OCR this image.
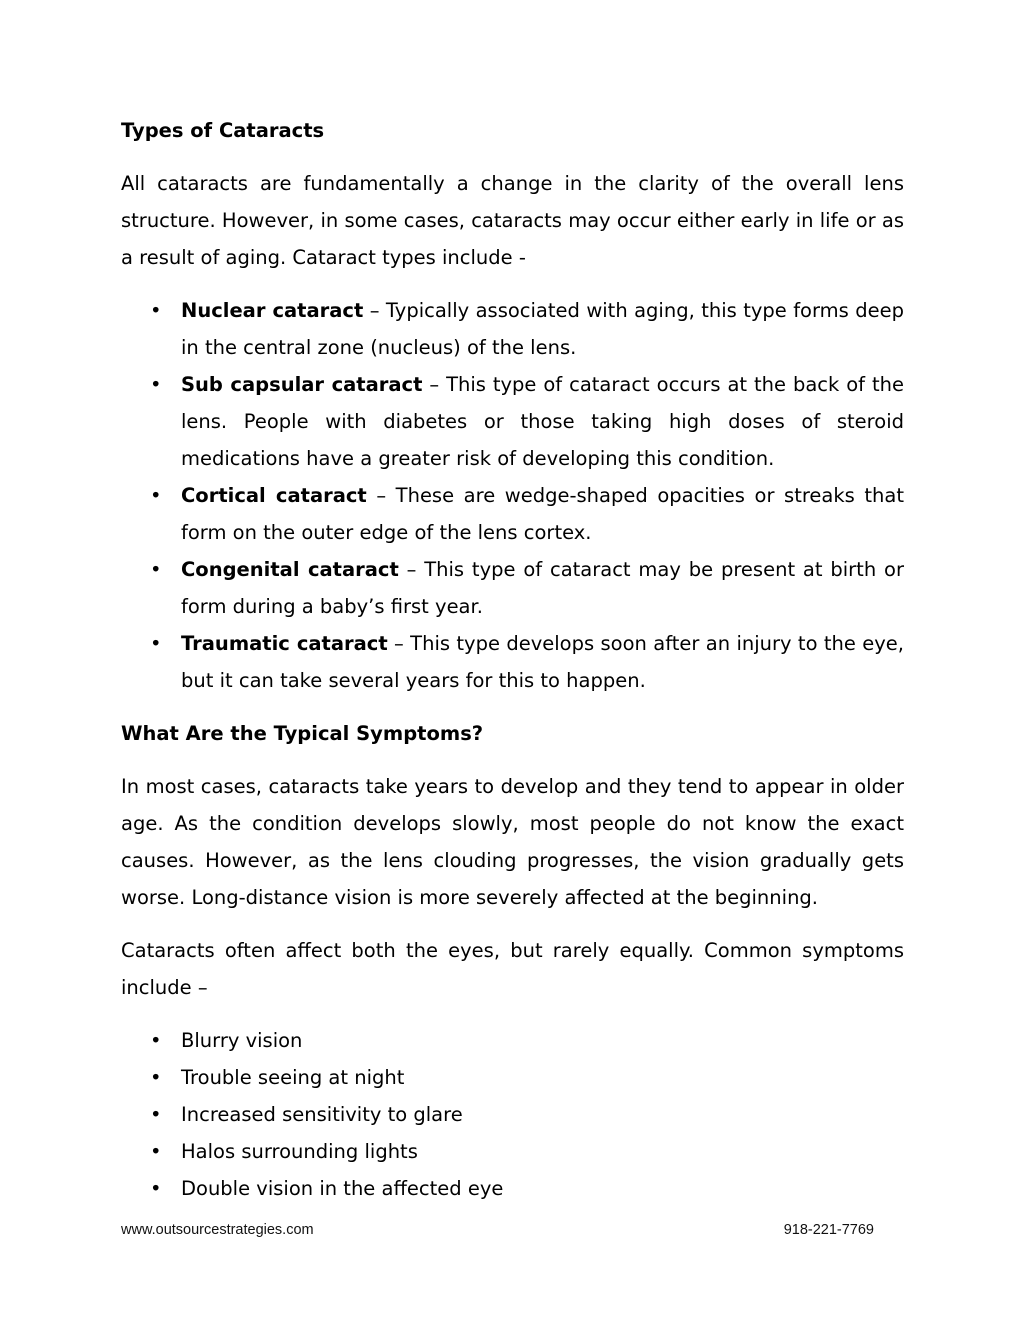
Types of Cataracts

All cataracts are fundamentally a change in the clarity of the overall lens structure. However, in some cases, cataracts may occur either early in life or as a result of aging. Cataract types include -

• Nuclear cataract – Typically associated with aging, this type forms deep in the central zone (nucleus) of the lens.
• Sub capsular cataract – This type of cataract occurs at the back of the lens. People with diabetes or those taking high doses of steroid medications have a greater risk of developing this condition.
• Cortical cataract – These are wedge-shaped opacities or streaks that form on the outer edge of the lens cortex.
• Congenital cataract – This type of cataract may be present at birth or form during a baby’s first year.
• Traumatic cataract – This type develops soon after an injury to the eye, but it can take several years for this to happen.
What Are the Typical Symptoms?

In most cases, cataracts take years to develop and they tend to appear in older age. As the condition develops slowly, most people do not know the exact causes. However, as the lens clouding progresses, the vision gradually gets worse. Long-distance vision is more severely affected at the beginning.

Cataracts often affect both the eyes, but rarely equally. Common symptoms include –

• Blurry vision
• Trouble seeing at night
• Increased sensitivity to glare
• Halos surrounding lights
• Double vision in the affected eye
www.outsourcestrategies.com	918-221-7769
